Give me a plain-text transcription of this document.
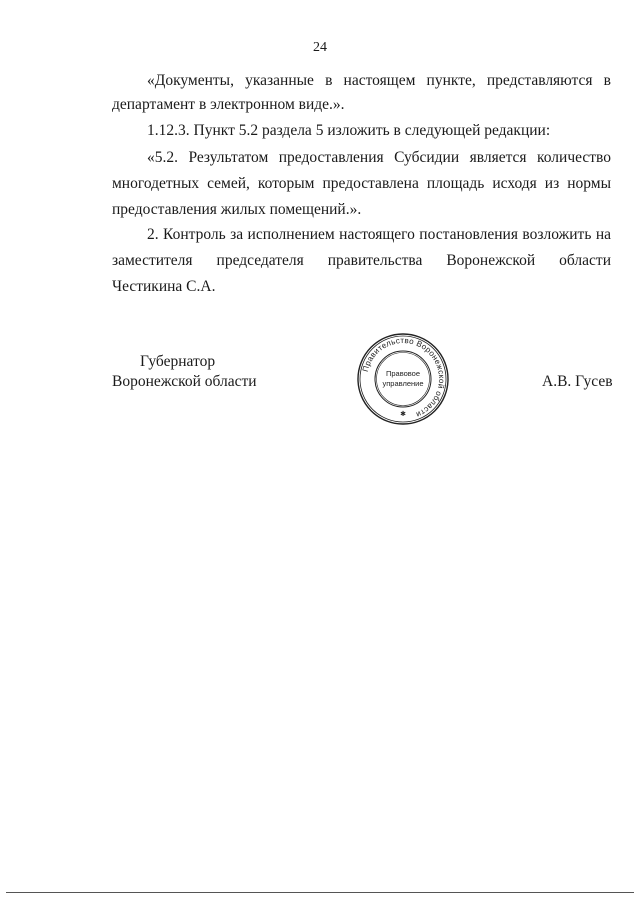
24
«Документы, указанные в настоящем пункте, представляются в
департамент в электронном виде.».
1.12.3. Пункт 5.2 раздела 5 изложить в следующей редакции:
«5.2. Результатом предоставления Субсидии является количество
многодетных семей, которым предоставлена площадь исходя из нормы
предоставления жилых помещений.».
2. Контроль за исполнением настоящего постановления возложить на
заместителя председателя правительства Воронежской области
Честикина С.А.
Губернатор
Воронежской области
Правительство Воронежской области
Правовое
управление
✱
А.В. Гусев
